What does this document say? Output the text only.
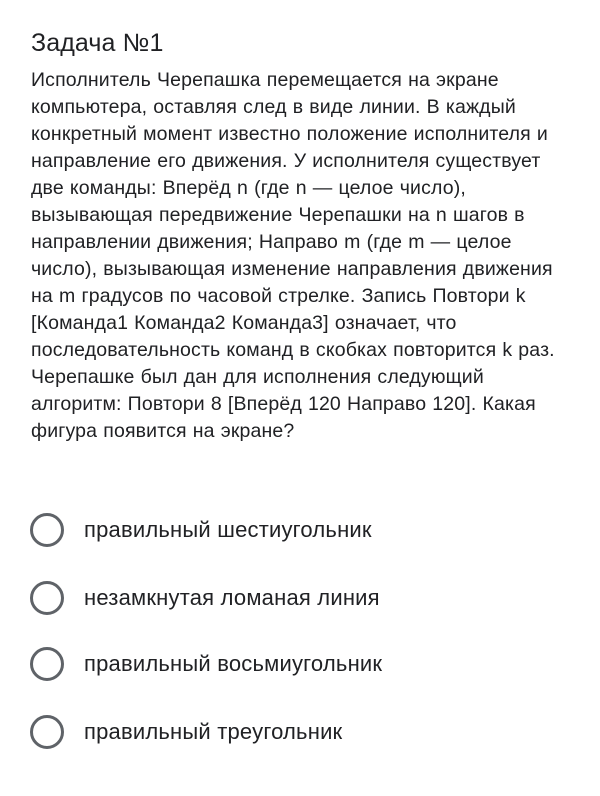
Задача №1
Исполнитель Черепашка перемещается на экране компьютера, оставляя след в виде линии. В каждый конкретный момент известно положение исполнителя и направление его движения. У исполнителя существует две команды: Вперёд n (где n — целое число), вызывающая передвижение Черепашки на n шагов в направлении движения; Направо m (где m — целое число), вызывающая изменение направления движения на m градусов по часовой стрелке. Запись Повтори k [Команда1 Команда2 Команда3] означает, что последовательность команд в скобках повторится k раз. Черепашке был дан для исполнения следующий алгоритм: Повтори 8 [Вперёд 120 Направо 120]. Какая фигура появится на экране?
правильный шестиугольник
незамкнутая ломаная линия
правильный восьмиугольник
правильный треугольник
